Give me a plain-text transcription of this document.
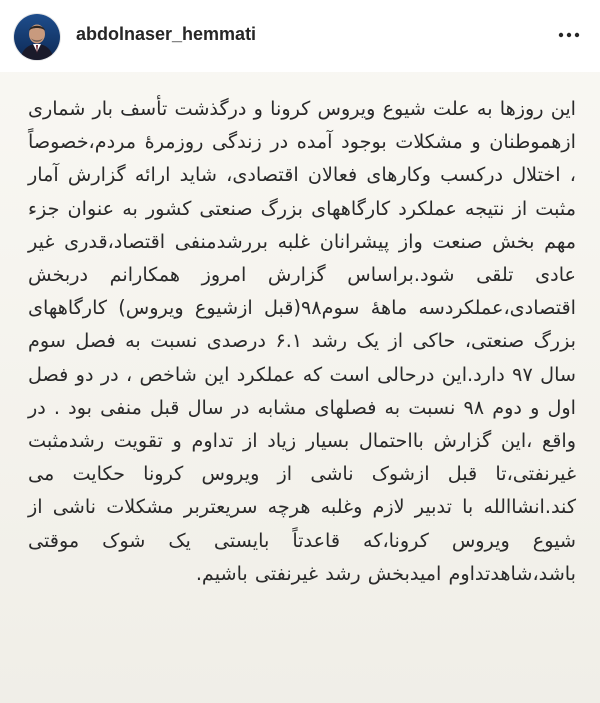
abdolnaser_hemmati

این روزها به علت شیوع ویروس کرونا و درگذشت تأسف بار شماری ازهموطنان و مشکلات بوجود آمده در زندگی روزمرۀ مردم،خصوصاً ، اختلال درکسب وکارهای فعالان اقتصادی، شاید ارائه گزارش آمار مثبت از نتیجه عملکرد کارگاههای بزرگ صنعتی کشور به عنوان جزء مهم بخش صنعت واز پیشرانان غلبه بررشدمنفی اقتصاد،قدری غیر عادی تلقی شود.براساس گزارش امروز همکارانم دربخش اقتصادی،عملکردسه ماهۀ سوم۹۸(قبل ازشیوع ویروس) کارگاههای بزرگ صنعتی، حاکی از یک رشد ۶.۱ درصدی نسبت به فصل سوم سال ۹۷ دارد.این درحالی است که عملکرد این شاخص ، در دو فصل اول و دوم ۹۸ نسبت به فصلهای مشابه در سال قبل منفی بود . در واقع ،این گزارش بااحتمال بسیار زیاد از تداوم و تقویت رشدمثبت غیرنفتی،تا قبل ازشوک ناشی از ویروس کرونا حکایت می کند.انشاالله با تدبیر لازم وغلبه هرچه سریعتربر مشکلات ناشی از شیوع ویروس کرونا،که قاعدتاً بایستی یک شوک موقتی باشد،شاهدتداوم امیدبخش رشد غیرنفتی باشیم.
